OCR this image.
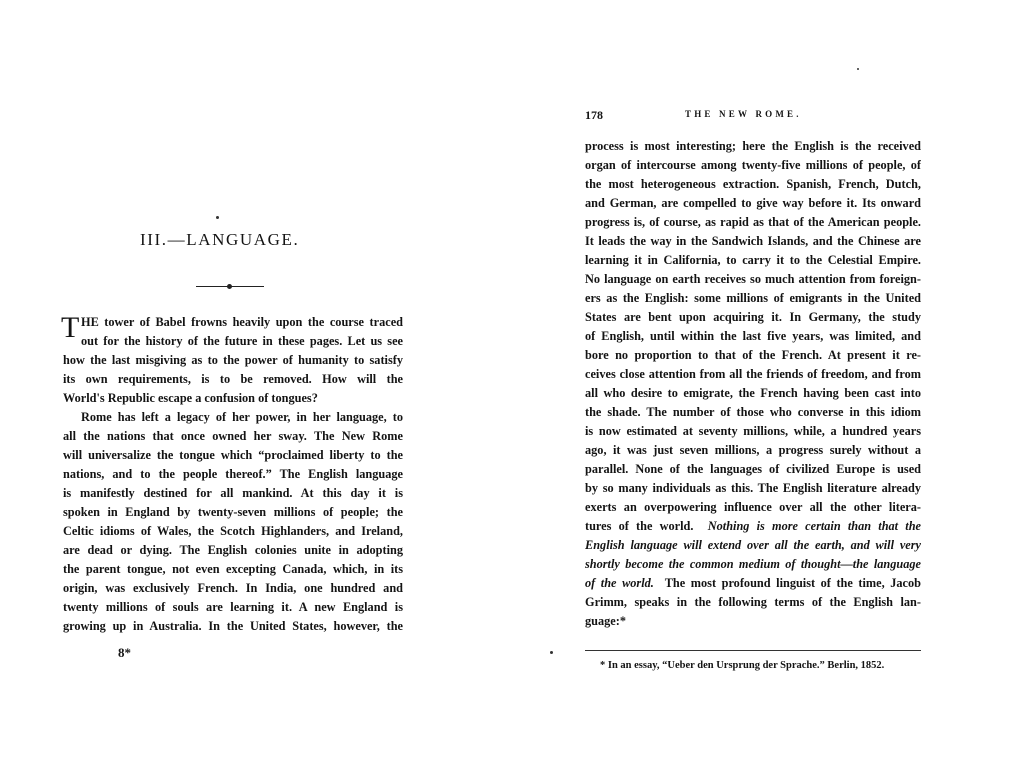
III.—LANGUAGE.
T HE tower of Babel frowns heavily upon the course traced
out for the history of the future in these pages. Let us see
how the last misgiving as to the power of humanity to satisfy
its own requirements, is to be removed. How will the
World's Republic escape a confusion of tongues?
Rome has left a legacy of her power, in her language, to
all the nations that once owned her sway. The New Rome
will universalize the tongue which “proclaimed liberty to the
nations, and to the people thereof.” The English language
is manifestly destined for all mankind. At this day it is
spoken in England by twenty-seven millions of people; the
Celtic idioms of Wales, the Scotch Highlanders, and Ireland,
are dead or dying. The English colonies unite in adopting
the parent tongue, not even excepting Canada, which, in its
origin, was exclusively French. In India, one hundred and
twenty millions of souls are learning it. A new England is
growing up in Australia. In the United States, however, the
8*
178	THE NEW ROME.
process is most interesting; here the English is the received
organ of intercourse among twenty-five millions of people, of
the most heterogeneous extraction. Spanish, French, Dutch,
and German, are compelled to give way before it. Its onward
progress is, of course, as rapid as that of the American people.
It leads the way in the Sandwich Islands, and the Chinese are
learning it in California, to carry it to the Celestial Empire.
No language on earth receives so much attention from foreign-
ers as the English: some millions of emigrants in the United
States are bent upon acquiring it. In Germany, the study
of English, until within the last five years, was limited, and
bore no proportion to that of the French. At present it re-
ceives close attention from all the friends of freedom, and from
all who desire to emigrate, the French having been cast into
the shade. The number of those who converse in this idiom
is now estimated at seventy millions, while, a hundred years
ago, it was just seven millions, a progress surely without a
parallel. None of the languages of civilized Europe is used
by so many individuals as this. The English literature already
exerts an overpowering influence over all the other litera-
tures of the world. Nothing is more certain than that the
English language will extend over all the earth, and will very
shortly become the common medium of thought—the language
of the world. The most profound linguist of the time, Jacob
Grimm, speaks in the following terms of the English lan-
guage:*
* In an essay, “Ueber den Ursprung der Sprache.” Berlin, 1852.
